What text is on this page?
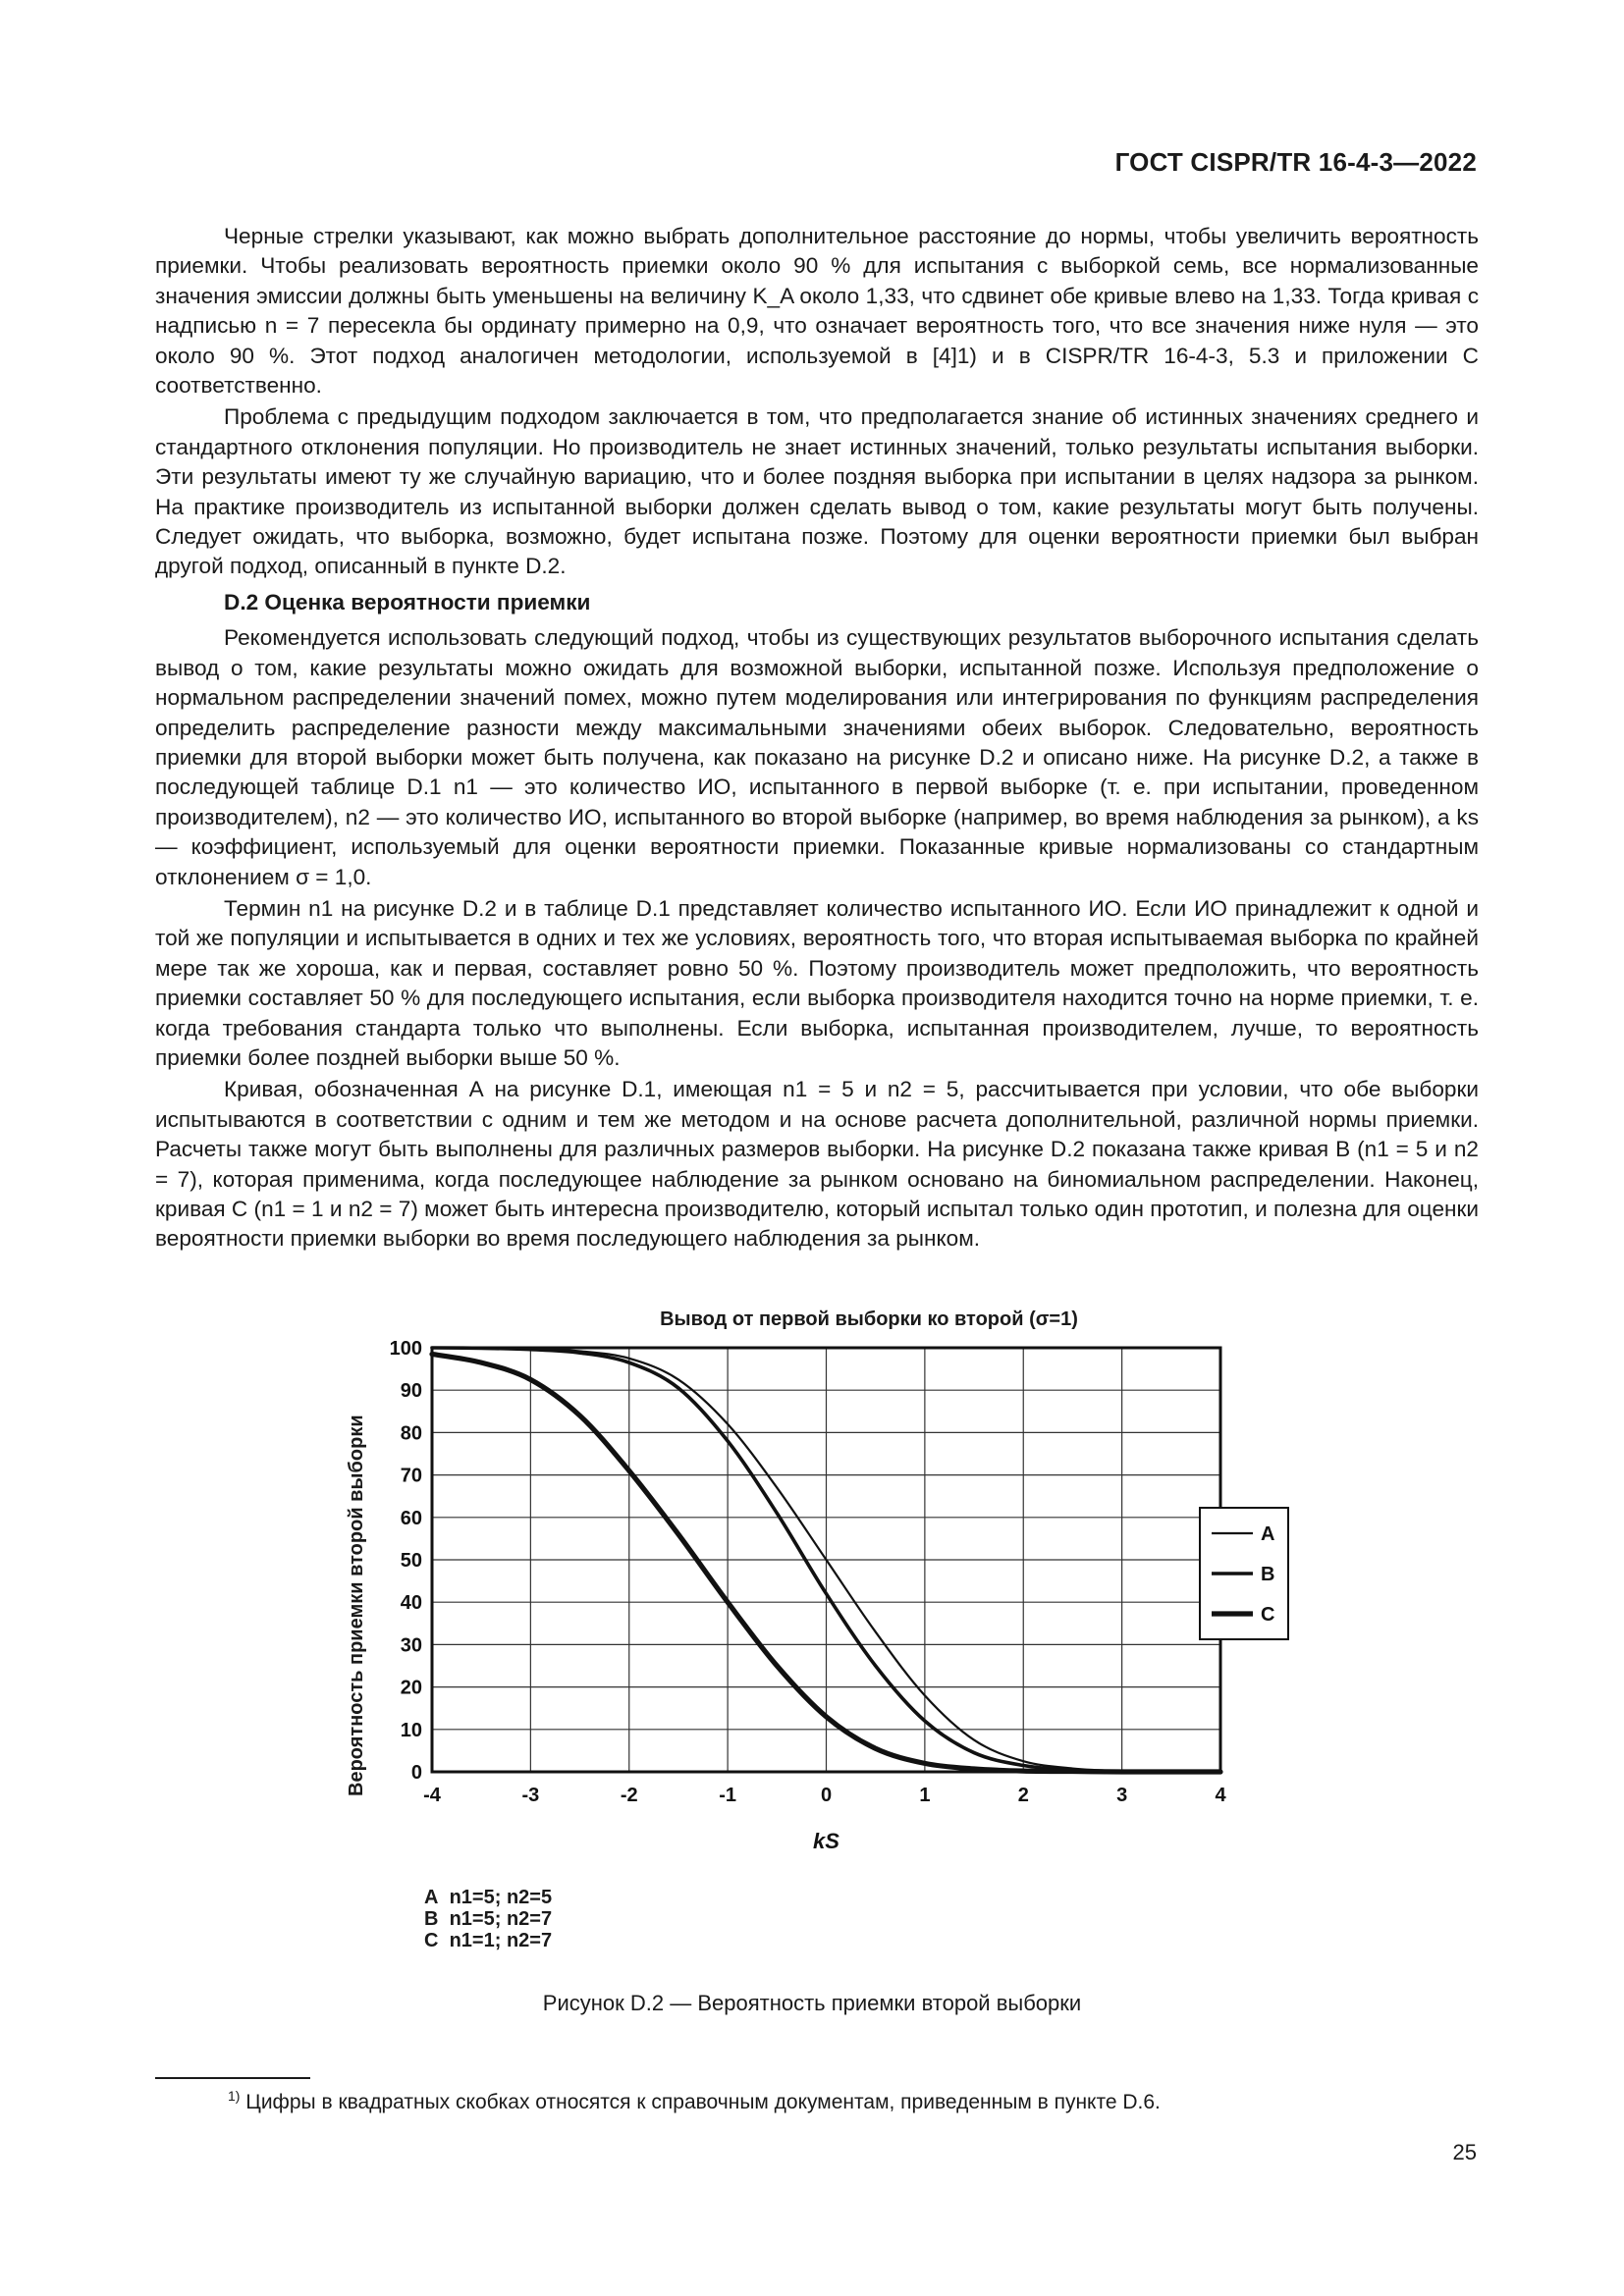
ГОСТ CISPR/TR 16-4-3—2022

Черные стрелки указывают, как можно выбрать дополнительное расстояние до нормы, чтобы увеличить вероятность приемки. Чтобы реализовать вероятность приемки около 90 % для испытания с выборкой семь, все нормализованные значения эмиссии должны быть уменьшены на величину K_A около 1,33, что сдвинет обе кривые влево на 1,33. Тогда кривая с надписью n = 7 пересекла бы ординату примерно на 0,9, что означает вероятность того, что все значения ниже нуля — это около 90 %. Этот подход аналогичен методологии, используемой в [4]1) и в CISPR/TR 16-4-3, 5.3 и приложении С соответственно.

Проблема с предыдущим подходом заключается в том, что предполагается знание об истинных значениях среднего и стандартного отклонения популяции. Но производитель не знает истинных значений, только результаты испытания выборки. Эти результаты имеют ту же случайную вариацию, что и более поздняя выборка при испытании в целях надзора за рынком. На практике производитель из испытанной выборки должен сделать вывод о том, какие результаты могут быть получены. Следует ожидать, что выборка, возможно, будет испытана позже. Поэтому для оценки вероятности приемки был выбран другой подход, описанный в пункте D.2.

D.2 Оценка вероятности приемки

Рекомендуется использовать следующий подход, чтобы из существующих результатов выборочного испытания сделать вывод о том, какие результаты можно ожидать для возможной выборки, испытанной позже. Используя предположение о нормальном распределении значений помех, можно путем моделирования или интегрирования по функциям распределения определить распределение разности между максимальными значениями обеих выборок. Следовательно, вероятность приемки для второй выборки может быть получена, как показано на рисунке D.2 и описано ниже. На рисунке D.2, а также в последующей таблице D.1 n1 — это количество ИО, испытанного в первой выборке (т. е. при испытании, проведенном производителем), n2 — это количество ИО, испытанного во второй выборке (например, во время наблюдения за рынком), а ks — коэффициент, используемый для оценки вероятности приемки. Показанные кривые нормализованы со стандартным отклонением σ = 1,0.

Термин n1 на рисунке D.2 и в таблице D.1 представляет количество испытанного ИО. Если ИО принадлежит к одной и той же популяции и испытывается в одних и тех же условиях, вероятность того, что вторая испытываемая выборка по крайней мере так же хороша, как и первая, составляет ровно 50 %. Поэтому производитель может предположить, что вероятность приемки составляет 50 % для последующего испытания, если выборка производителя находится точно на норме приемки, т. е. когда требования стандарта только что выполнены. Если выборка, испытанная производителем, лучше, то вероятность приемки более поздней выборки выше 50 %.

Кривая, обозначенная А на рисунке D.1, имеющая n1 = 5 и n2 = 5, рассчитывается при условии, что обе выборки испытываются в соответствии с одним и тем же методом и на основе расчета дополнительной, различной нормы приемки. Расчеты также могут быть выполнены для различных размеров выборки. На рисунке D.2 показана также кривая В (n1 = 5 и n2 = 7), которая применима, когда последующее наблюдение за рынком основано на биномиальном распределении. Наконец, кривая С (n1 = 1 и n2 = 7) может быть интересна производителю, который испытал только один прототип, и полезна для оценки вероятности приемки выборки во время последующего наблюдения за рынком.

Вывод от первой выборки ко второй (σ=1)
Вероятность приемки второй выборки	-4	-3	-2	-1	0	1	2	3	4
0
10
20
30
40
50
60
70
80
90
100
kS
A
B
C
A n1=5; n2=5
B n1=5; n2=7
C n1=1; n2=7
Рисунок D.2 — Вероятность приемки второй выборки
$^{1)}$ Цифры в квадратных скобках относятся к справочным документам, приведенным в пункте D.6.
25
